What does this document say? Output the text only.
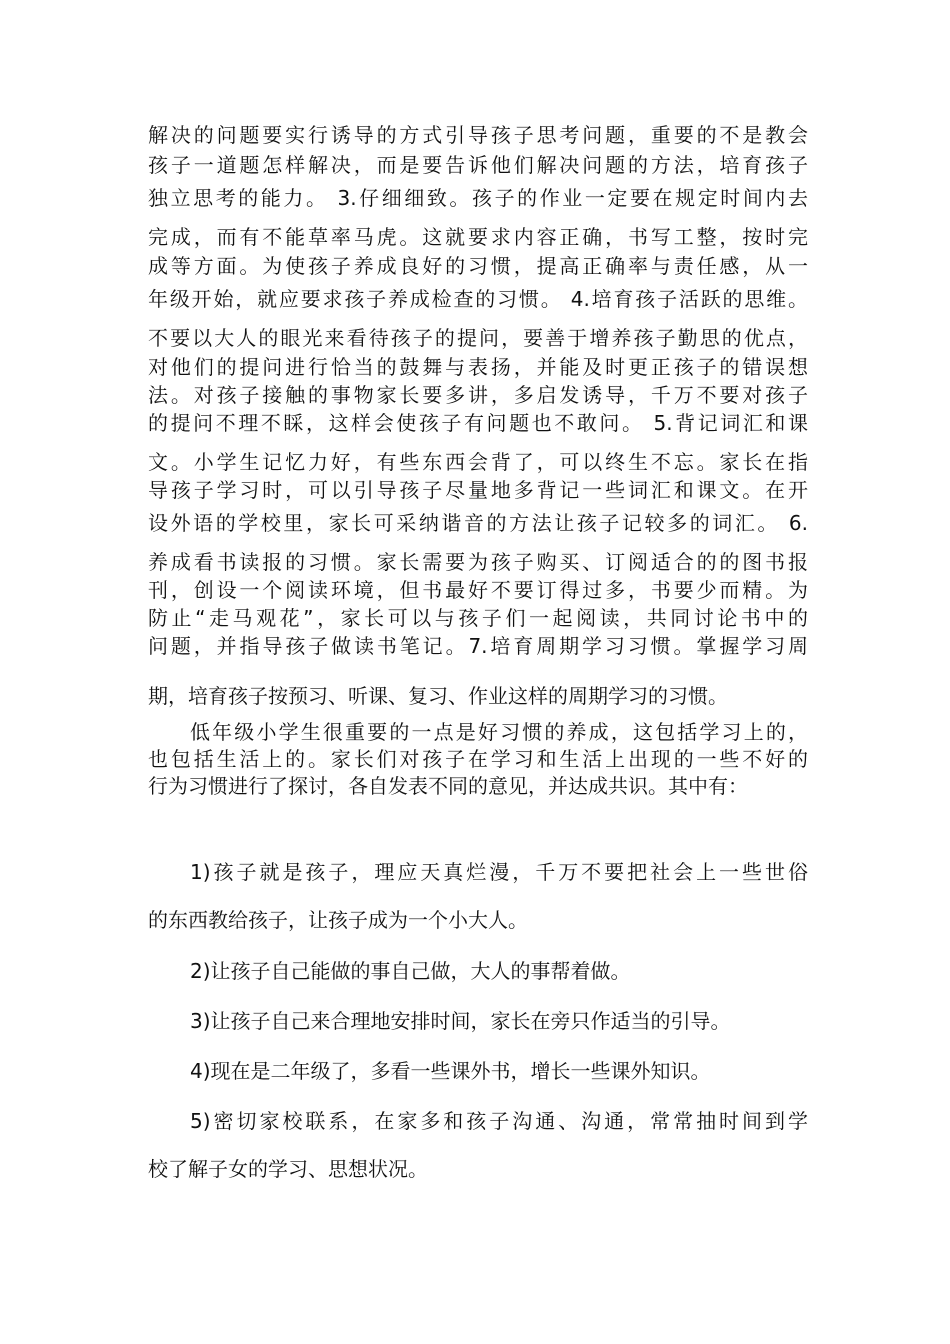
解决的问题要实行诱导的方式引导孩子思考问题，重要的不是教会
孩子一道题怎样解决，而是要告诉他们解决问题的方法，培育孩子
独立思考的能力。 3.仔细细致。孩子的作业一定要在规定时间内去
完成，而有不能草率马虎。这就要求内容正确，书写工整，按时完
成等方面。为使孩子养成良好的习惯，提高正确率与责任感，从一
年级开始，就应要求孩子养成检查的习惯。 4.培育孩子活跃的思维。
不要以大人的眼光来看待孩子的提问，要善于增养孩子勤思的优点，
对他们的提问进行恰当的鼓舞与表扬，并能及时更正孩子的错误想
法。对孩子接触的事物家长要多讲，多启发诱导，千万不要对孩子
的提问不理不睬，这样会使孩子有问题也不敢问。 5.背记词汇和课
文。小学生记忆力好，有些东西会背了，可以终生不忘。家长在指
导孩子学习时，可以引导孩子尽量地多背记一些词汇和课文。在开
设外语的学校里，家长可采纳谐音的方法让孩子记较多的词汇。 6.
养成看书读报的习惯。家长需要为孩子购买、订阅适合的的图书报
刊，创设一个阅读环境，但书最好不要订得过多，书要少而精。为
防止“走马观花”，家长可以与孩子们一起阅读，共同讨论书中的
问题，并指导孩子做读书笔记。7.培育周期学习习惯。掌握学习周
期，培育孩子按预习、听课、复习、作业这样的周期学习的习惯。
低年级小学生很重要的一点是好习惯的养成，这包括学习上的，
也包括生活上的。家长们对孩子在学习和生活上出现的一些不好的
行为习惯进行了探讨，各自发表不同的意见，并达成共识。其中有：
1)孩子就是孩子，理应天真烂漫，千万不要把社会上一些世俗
的东西教给孩子，让孩子成为一个小大人。
2)让孩子自己能做的事自己做，大人的事帮着做。
3)让孩子自己来合理地安排时间，家长在旁只作适当的引导。
4)现在是二年级了，多看一些课外书，增长一些课外知识。
5)密切家校联系，在家多和孩子沟通、沟通，常常抽时间到学
校了解子女的学习、思想状况。
